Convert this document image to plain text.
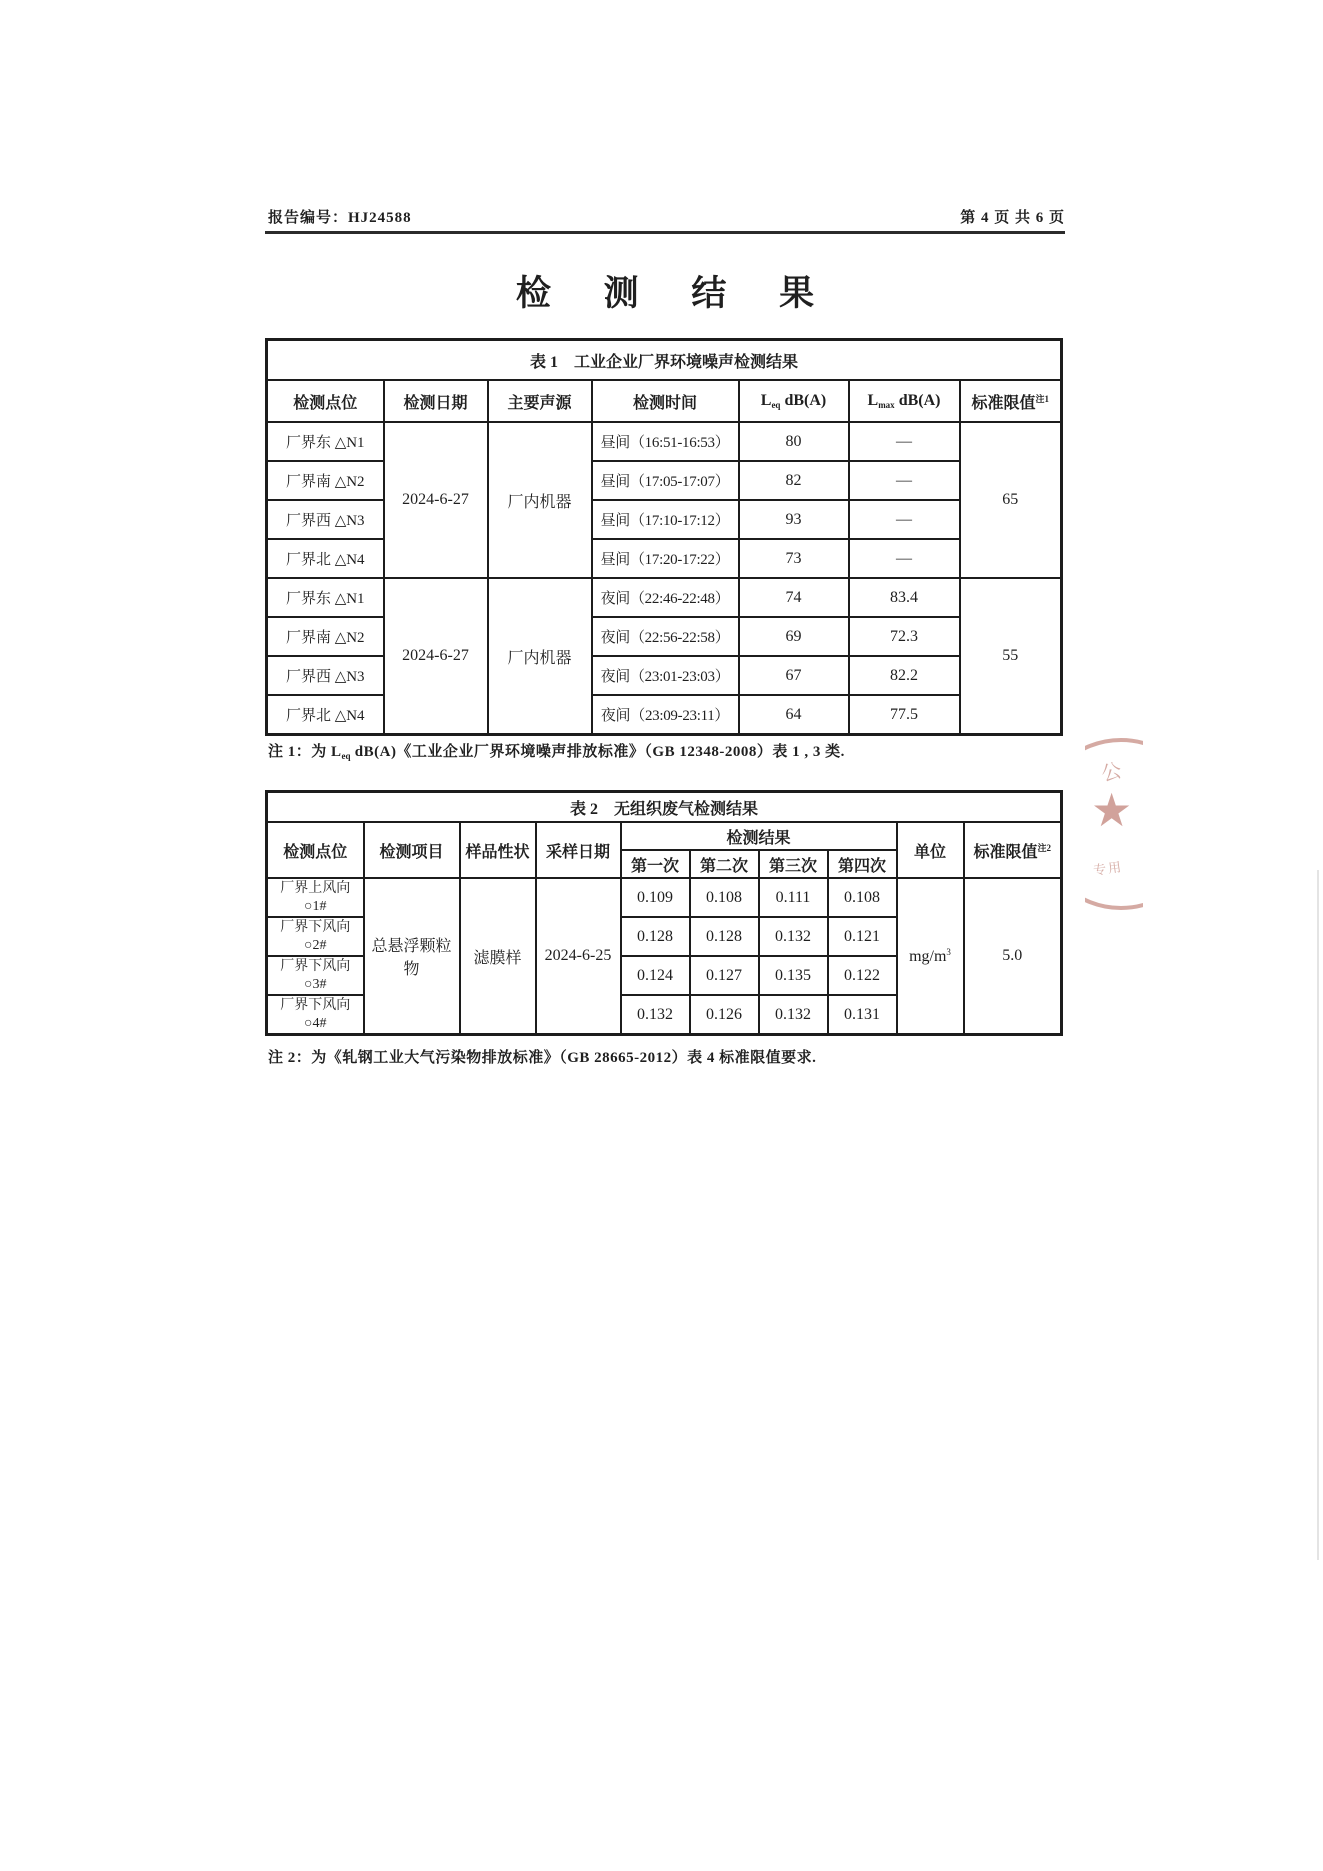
报告编号：HJ24588	第 4 页 共 6 页
检 测 结 果
表 1　工业企业厂界环境噪声检测结果						
检测点位	检测日期	主要声源	检测时间	$L_{eq}$ dB(A)	$L_{max}$ dB(A)	标准限值$^{注1}$
厂界东 △N1	2024-6-27	厂内机器	昼间（16:51-16:53）	80	—	65
厂界南 △N2			昼间（17:05-17:07）	82	—	
厂界西 △N3			昼间（17:10-17:12）	93	—	
厂界北 △N4			昼间（17:20-17:22）	73	—	
厂界东 △N1	2024-6-27	厂内机器	夜间（22:46-22:48）	74	83.4	55
厂界南 △N2			夜间（22:56-22:58）	69	72.3	
厂界西 △N3			夜间（23:01-23:03）	67	82.2	
厂界北 △N4			夜间（23:09-23:11）	64	77.5	
注 1：为 $L_{eq}$ dB(A)《工业企业厂界环境噪声排放标准》（GB 12348-2008）表 1 , 3 类.
表 2　无组织废气检测结果									
检测点位	检测项目	样品性状	采样日期	检测结果				单位	标准限值$^{注2}$
				第一次	第二次	第三次	第四次		

厂界上风向
○1#	总悬浮颗粒物	滤膜样	2024-6-25	0.109	0.108	0.111	0.108	$mg/m^3$	5.0

厂界下风向
○2#				0.128	0.128	0.132	0.121		

厂界下风向
○3#				0.124	0.127	0.135	0.122		

厂界下风向
○4#				0.132	0.126	0.132	0.131		
注 2：为《轧钢工业大气污染物排放标准》（GB 28665-2012）表 4 标准限值要求.
公
★
专用
